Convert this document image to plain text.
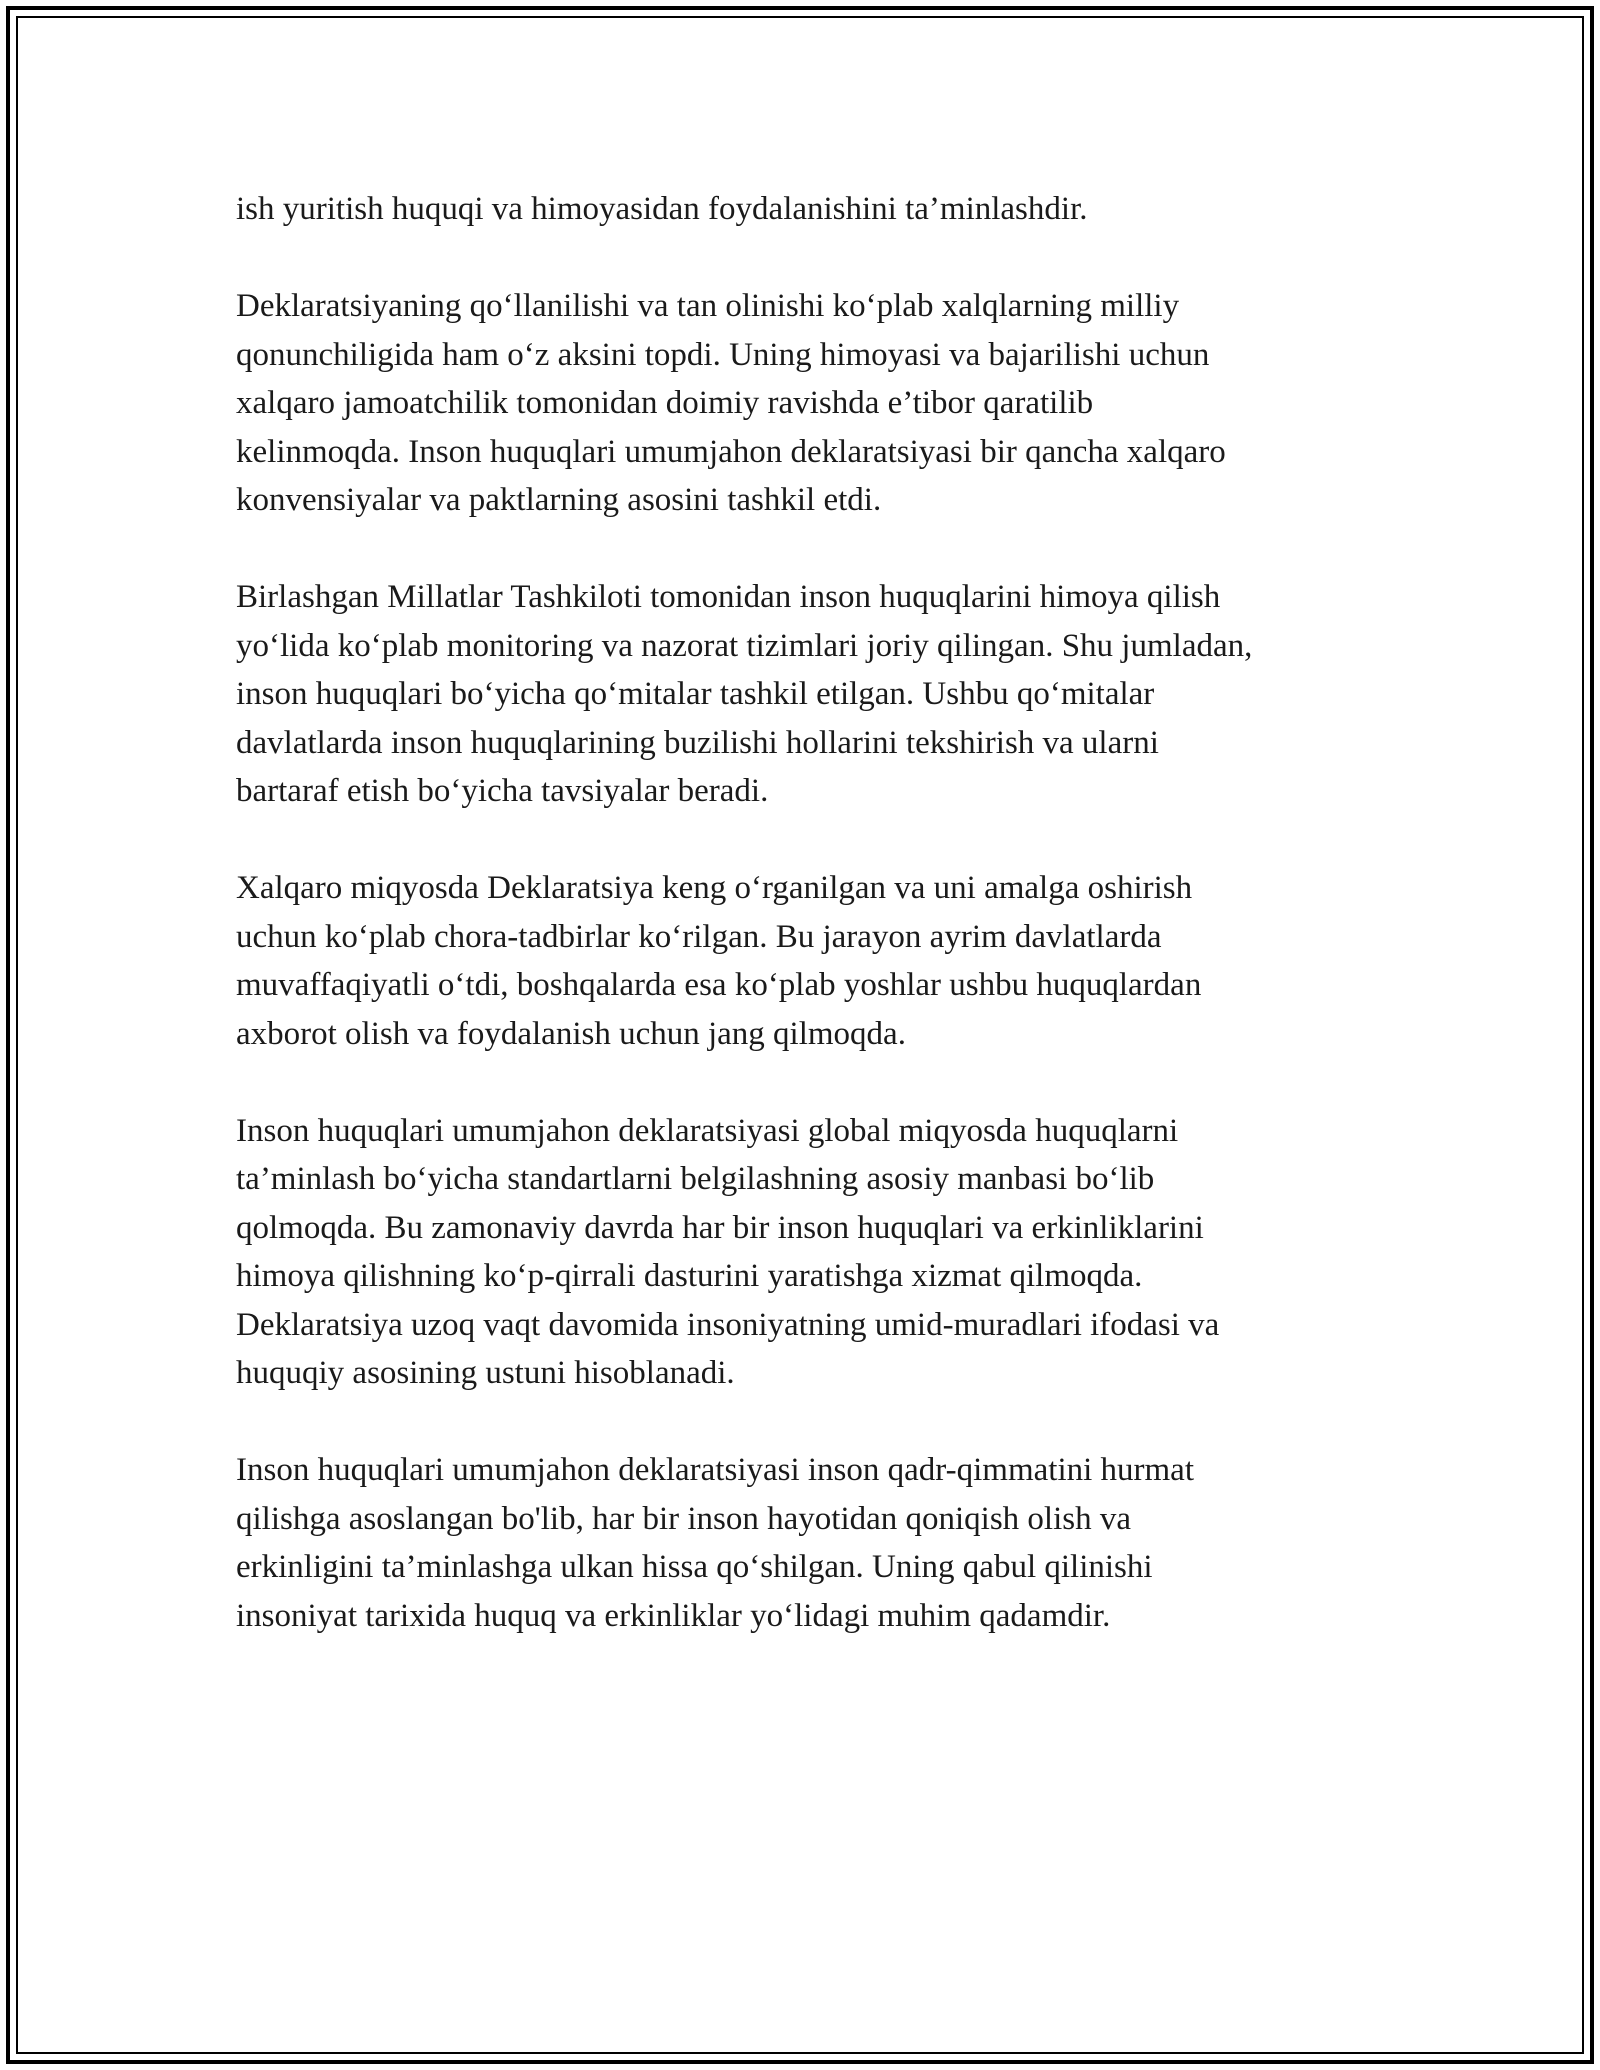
ish yuritish huquqi va himoyasidan foydalanishini ta’minlashdir.

Deklaratsiyaning qo‘llanilishi va tan olinishi ko‘plab xalqlarning milliy
qonunchiligida ham o‘z aksini topdi. Uning himoyasi va bajarilishi uchun
xalqaro jamoatchilik tomonidan doimiy ravishda e’tibor qaratilib
kelinmoqda. Inson huquqlari umumjahon deklaratsiyasi bir qancha xalqaro
konvensiyalar va paktlarning asosini tashkil etdi.

Birlashgan Millatlar Tashkiloti tomonidan inson huquqlarini himoya qilish
yo‘lida ko‘plab monitoring va nazorat tizimlari joriy qilingan. Shu jumladan,
inson huquqlari bo‘yicha qo‘mitalar tashkil etilgan. Ushbu qo‘mitalar
davlatlarda inson huquqlarining buzilishi hollarini tekshirish va ularni
bartaraf etish bo‘yicha tavsiyalar beradi.

Xalqaro miqyosda Deklaratsiya keng o‘rganilgan va uni amalga oshirish
uchun ko‘plab chora-tadbirlar ko‘rilgan. Bu jarayon ayrim davlatlarda
muvaffaqiyatli o‘tdi, boshqalarda esa ko‘plab yoshlar ushbu huquqlardan
axborot olish va foydalanish uchun jang qilmoqda.

Inson huquqlari umumjahon deklaratsiyasi global miqyosda huquqlarni
ta’minlash bo‘yicha standartlarni belgilashning asosiy manbasi bo‘lib
qolmoqda. Bu zamonaviy davrda har bir inson huquqlari va erkinliklarini
himoya qilishning ko‘p-qirrali dasturini yaratishga xizmat qilmoqda.
Deklaratsiya uzoq vaqt davomida insoniyatning umid-muradlari ifodasi va
huquqiy asosining ustuni hisoblanadi.

Inson huquqlari umumjahon deklaratsiyasi inson qadr-qimmatini hurmat
qilishga asoslangan bo'lib, har bir inson hayotidan qoniqish olish va
erkinligini ta’minlashga ulkan hissa qo‘shilgan. Uning qabul qilinishi
insoniyat tarixida huquq va erkinliklar yo‘lidagi muhim qadamdir.
